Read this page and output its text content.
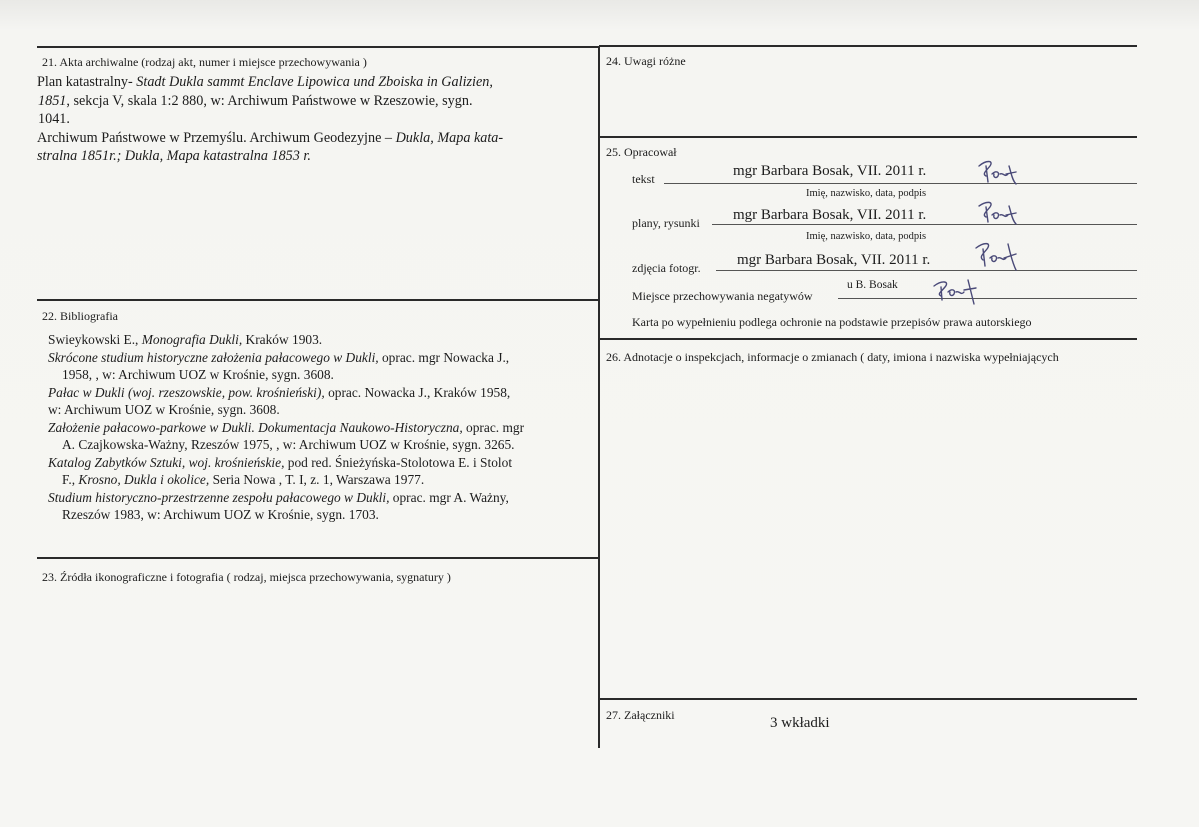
21. Akta archiwalne (rodzaj akt, numer i miejsce przechowywania )
Plan katastralny- Stadt Dukla sammt Enclave Lipowica und Zboiska in Galizien,
1851, sekcja V, skala 1:2 880, w: Archiwum Państwowe w Rzeszowie, sygn.
1041.
Archiwum Państwowe w Przemyślu. Archiwum Geodezyjne – Dukla, Mapa kata-
stralna 1851r.; Dukla, Mapa katastralna 1853 r.
22. Bibliografia
Swieykowski E., Monografia Dukli, Kraków 1903.
Skrócone studium historyczne założenia pałacowego w Dukli, oprac. mgr Nowacka J.,
1958, , w: Archiwum UOZ w Krośnie, sygn. 3608.
Pałac w Dukli (woj. rzeszowskie, pow. krośnieński), oprac. Nowacka J., Kraków 1958,
w: Archiwum UOZ w Krośnie, sygn. 3608.
Założenie pałacowo-parkowe w Dukli. Dokumentacja Naukowo-Historyczna, oprac. mgr
A. Czajkowska-Ważny, Rzeszów 1975, , w: Archiwum UOZ w Krośnie, sygn. 3265.
Katalog Zabytków Sztuki, woj. krośnieńskie, pod red. Śnieżyńska-Stolotowa E. i Stolot
F., Krosno, Dukla i okolice, Seria Nowa , T. I, z. 1, Warszawa 1977.
Studium historyczno-przestrzenne zespołu pałacowego w Dukli, oprac. mgr A. Ważny,
Rzeszów 1983, w: Archiwum UOZ w Krośnie, sygn. 1703.
23. Źródła ikonograficzne i fotografia ( rodzaj, miejsca przechowywania, sygnatury )
24. Uwagi różne
25. Opracował
tekst	mgr Barbara Bosak, VII. 2011 r.
Imię, nazwisko, data, podpis
plany, rysunki mgr Barbara Bosak, VII. 2011 r.
Imię, nazwisko, data, podpis
zdjęcia fotogr. mgr Barbara Bosak, VII. 2011 r.
Miejsce przechowywania negatywów
u B. Bosak
Karta po wypełnieniu podlega ochronie na podstawie przepisów prawa autorskiego
26. Adnotacje o inspekcjach, informacje o zmianach ( daty, imiona i nazwiska wypełniających
27. Załączniki	3 wkładki
